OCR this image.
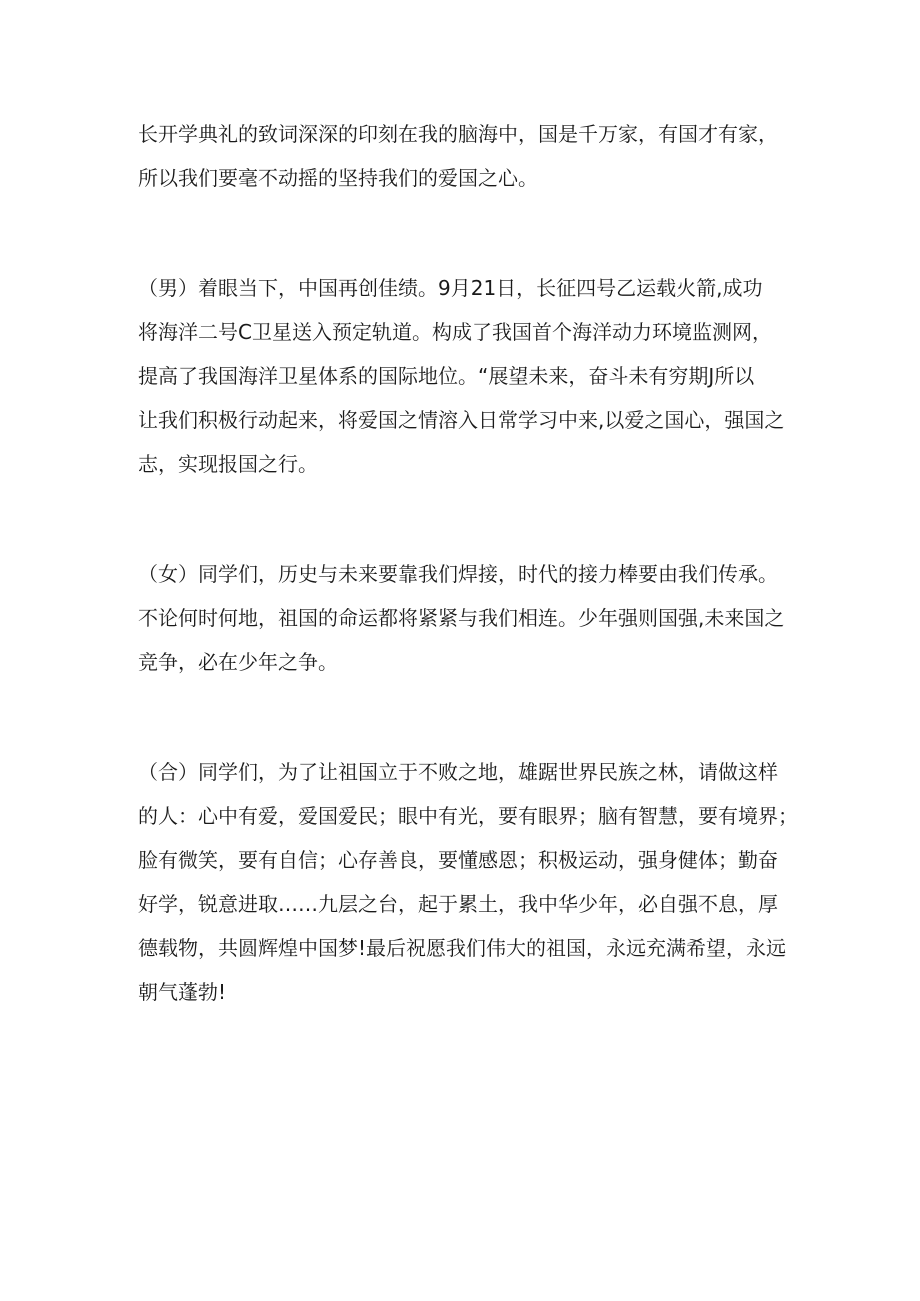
长开学典礼的致词深深的印刻在我的脑海中，国是千万家，有国才有家，
所以我们要毫不动摇的坚持我们的爱国之心。
（男）着眼当下，中国再创佳绩。9月21日，长征四号乙运载火箭,成功
将海洋二号C卫星送入预定轨道。构成了我国首个海洋动力环境监测网，
提高了我国海洋卫星体系的国际地位。“展望未来，奋斗未有穷期J所以
让我们积极行动起来，将爱国之情溶入日常学习中来,以爱之国心，强国之
志，实现报国之行。
（女）同学们，历史与未来要靠我们焊接，时代的接力棒要由我们传承。
不论何时何地，祖国的命运都将紧紧与我们相连。少年强则国强,未来国之
竞争，必在少年之争。
（合）同学们，为了让祖国立于不败之地，雄踞世界民族之林，请做这样
的人：心中有爱，爱国爱民；眼中有光，要有眼界；脑有智慧，要有境界；
脸有微笑，要有自信；心存善良，要懂感恩；积极运动，强身健体；勤奋
好学，锐意进取……九层之台，起于累土，我中华少年，必自强不息，厚
德载物，共圆辉煌中国梦!最后祝愿我们伟大的祖国，永远充满希望，永远
朝气蓬勃!
